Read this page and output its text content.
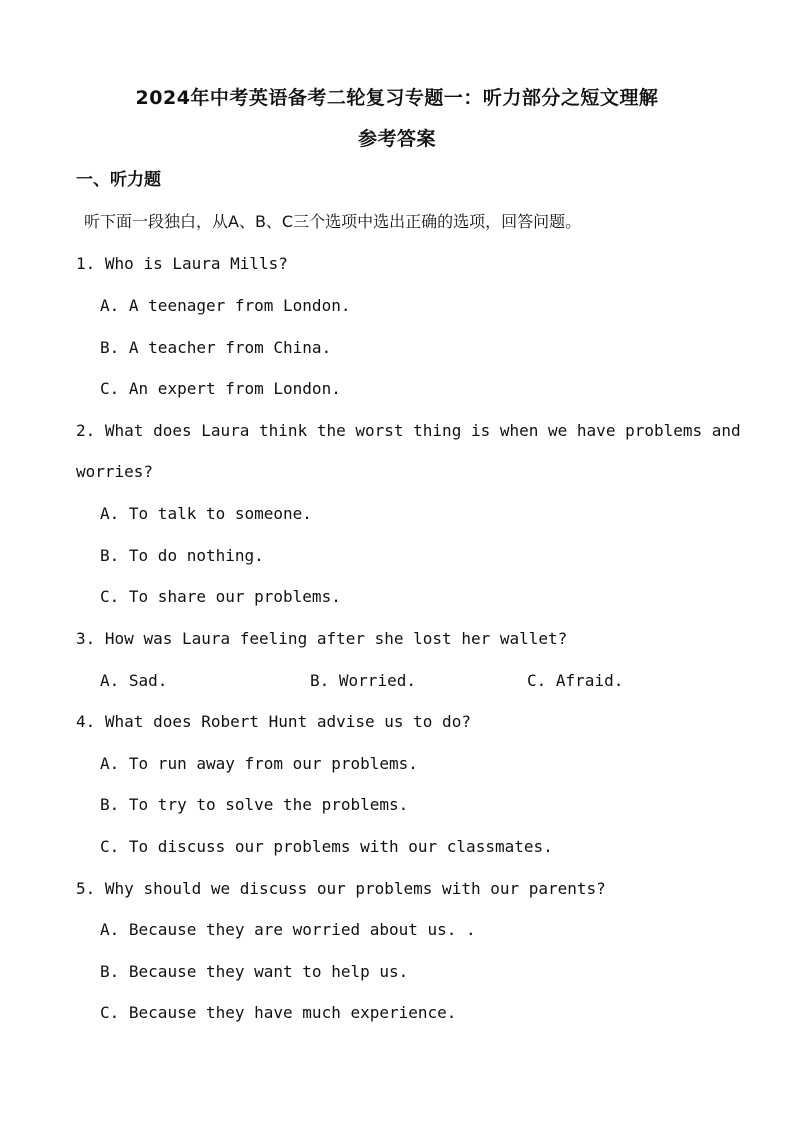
2024年中考英语备考二轮复习专题一：听力部分之短文理解
参考答案
一、听力题
听下面一段独白，从A、B、C三个选项中选出正确的选项，回答问题。
1. Who is Laura Mills?
A. A teenager from London.
B. A teacher from China.
C. An expert from London.
2. What does Laura think the worst thing is when we have problems and
worries?
A. To talk to someone.
B. To do nothing.
C. To share our problems.
3. How was Laura feeling after she lost her wallet?
A. Sad.	B. Worried.	C. Afraid.
4. What does Robert Hunt advise us to do?
A. To run away from our problems.
B. To try to solve the problems.
C. To discuss our problems with our classmates.
5. Why should we discuss our problems with our parents?
A. Because they are worried about us. .
B. Because they want to help us.
C. Because they have much experience.
